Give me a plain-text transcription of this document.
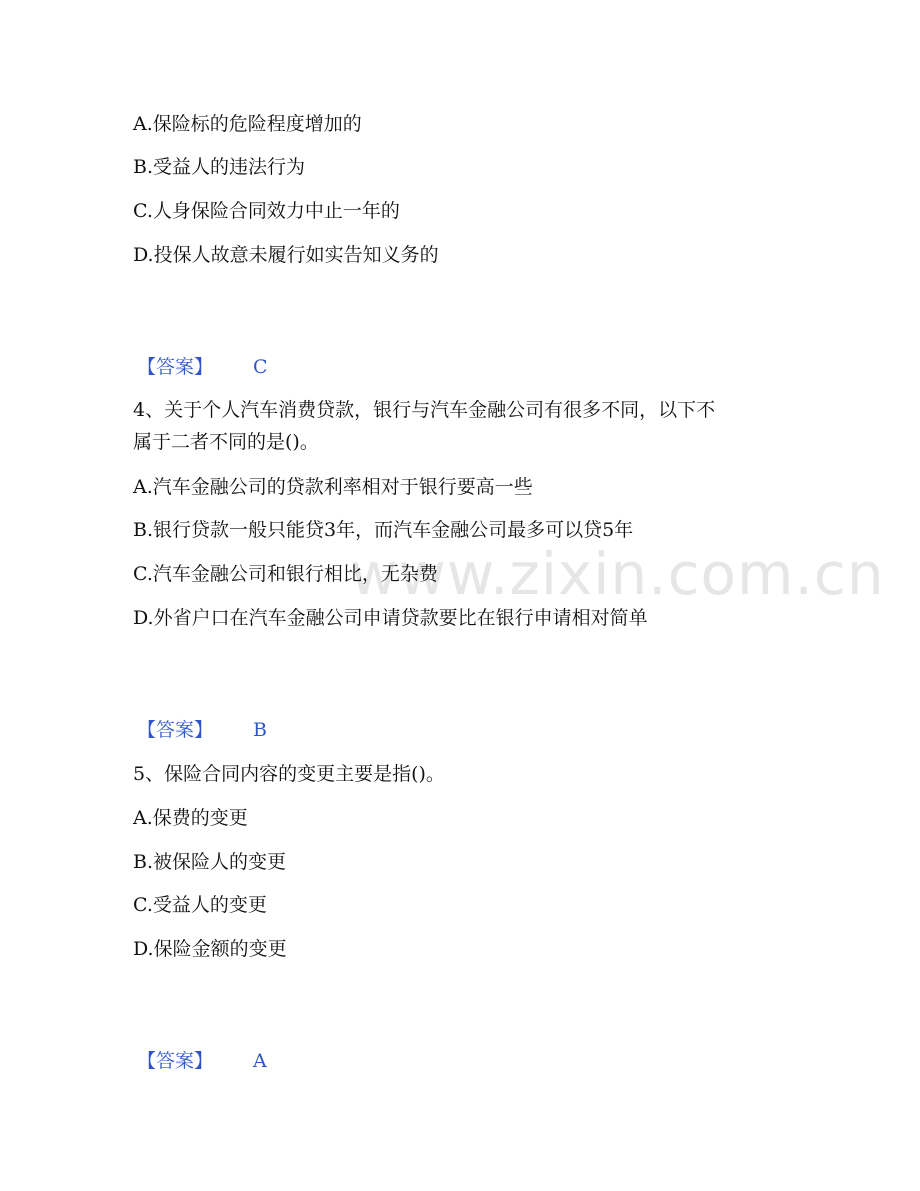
www.zixin.com.cn
A.保险标的危险程度增加的
B.受益人的违法行为
C.人身保险合同效力中止一年的
D.投保人故意未履行如实告知义务的
【答案】 C
4、关于个人汽车消费贷款，银行与汽车金融公司有很多不同，以下不
属于二者不同的是()。
A.汽车金融公司的贷款利率相对于银行要高一些
B.银行贷款一般只能贷3年，而汽车金融公司最多可以贷5年
C.汽车金融公司和银行相比，无杂费
D.外省户口在汽车金融公司申请贷款要比在银行申请相对简单
【答案】 B
5、保险合同内容的变更主要是指()。
A.保费的变更
B.被保险人的变更
C.受益人的变更
D.保险金额的变更
【答案】 A
